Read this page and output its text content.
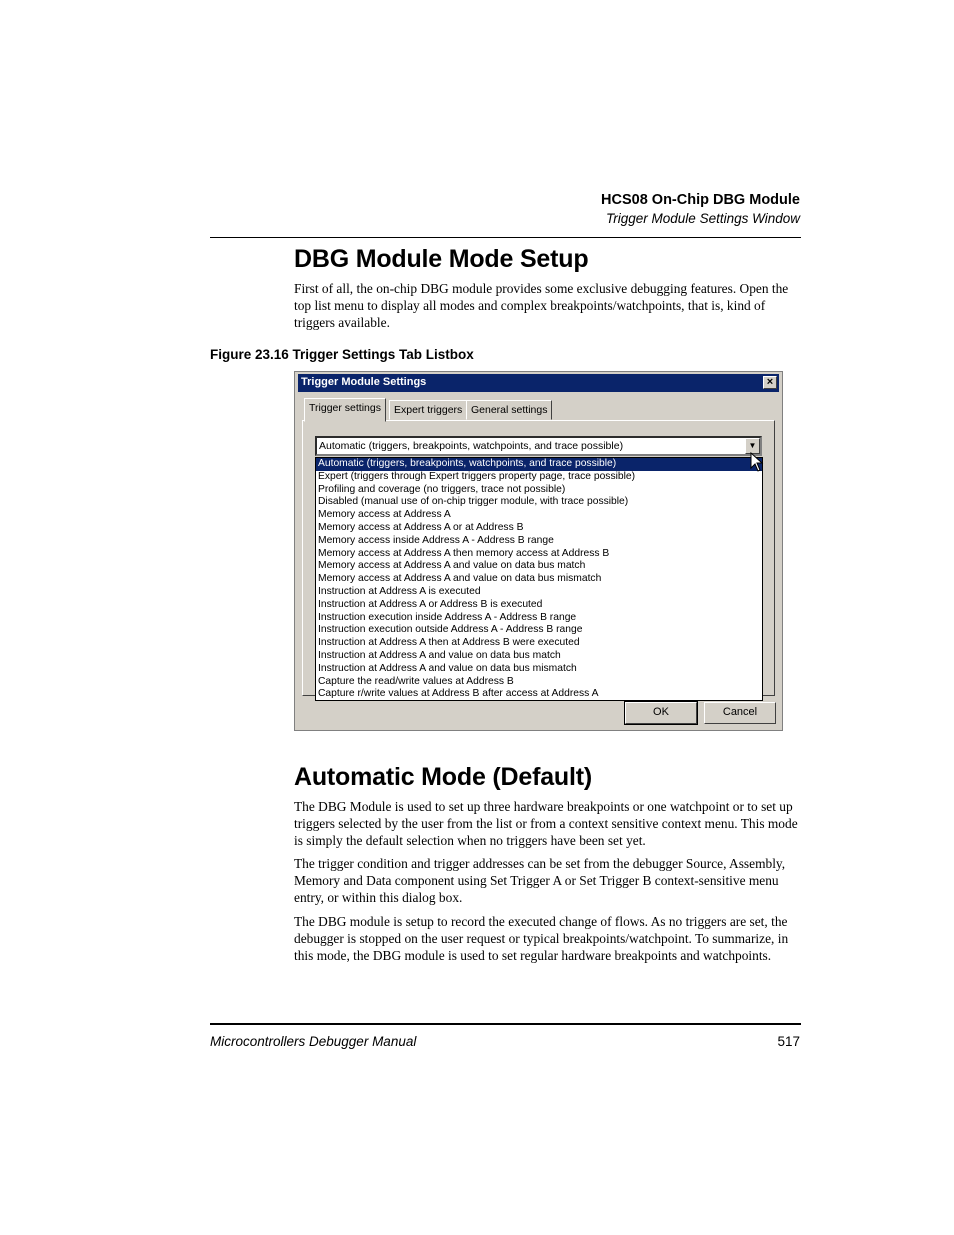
HCS08 On-Chip DBG Module
Trigger Module Settings Window
DBG Module Mode Setup

First of all, the on-chip DBG module provides some exclusive debugging features. Open the top list menu to display all modes and complex breakpoints/watchpoints, that is, kind of triggers available.

Figure 23.16 Trigger Settings Tab Listbox
Trigger Module Settings	×
Trigger settings	Expert triggers General settings
Automatic (triggers, breakpoints, watchpoints, and trace possible)	▼
Automatic (triggers, breakpoints, watchpoints, and trace possible)
Expert (triggers through Expert triggers property page, trace possible)
Profiling and coverage (no triggers, trace not possible)
Disabled (manual use of on-chip trigger module, with trace possible)
Memory access at Address A
Memory access at Address A or at Address B
Memory access inside Address A - Address B range
Memory access at Address A then memory access at Address B
Memory access at Address A and value on data bus match
Memory access at Address A and value on data bus mismatch
Instruction at Address A is executed
Instruction at Address A or Address B is executed
Instruction execution inside Address A - Address B range
Instruction execution outside Address A - Address B range
Instruction at Address A then at Address B were executed
Instruction at Address A and value on data bus match
Instruction at Address A and value on data bus mismatch
Capture the read/write values at Address B
Capture r/write values at Address B after access at Address A
OK	Cancel
Automatic Mode (Default)

The DBG Module is used to set up three hardware breakpoints or one watchpoint or to set up triggers selected by the user from the list or from a context sensitive context menu. This mode is simply the default selection when no triggers have been set yet.

The trigger condition and trigger addresses can be set from the debugger Source, Assembly, Memory and Data component using Set Trigger A or Set Trigger B context-sensitive menu entry, or within this dialog box.

The DBG module is setup to record the executed change of flows. As no triggers are set, the debugger is stopped on the user request or typical breakpoints/watchpoint. To summarize, in this mode, the DBG module is used to set regular hardware breakpoints and watchpoints.

Microcontrollers Debugger Manual	517
